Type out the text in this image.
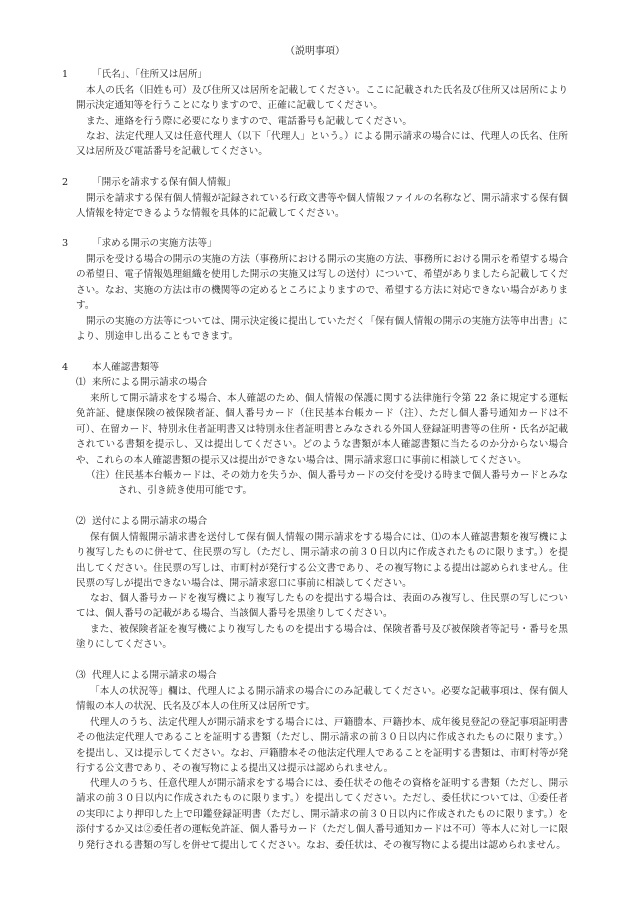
（説明事項）
1 「氏名」、「住所又は居所」

本人の氏名（旧姓も可）及び住所又は居所を記載してください。ここに記載された氏名及び住所又は居所により開示決定通知等を行うことになりますので、正確に記載してください。

また、連絡を行う際に必要になりますので、電話番号も記載してください。

なお、法定代理人又は任意代理人（以下「代理人」という。）による開示請求の場合には、代理人の氏名、住所又は居所及び電話番号を記載してください。

2 「開示を請求する保有個人情報」

開示を請求する保有個人情報が記録されている行政文書等や個人情報ファイルの名称など、開示請求する保有個人情報を特定できるような情報を具体的に記載してください。

3 「求める開示の実施方法等」

開示を受ける場合の開示の実施の方法（事務所における開示の実施の方法、事務所における開示を希望する場合の希望日、電子情報処理組織を使用した開示の実施又は写しの送付）について、希望がありましたら記載してください。なお、実施の方法は市の機関等の定めるところによりますので、希望する方法に対応できない場合があります。

開示の実施の方法等については、開示決定後に提出していただく「保有個人情報の開示の実施方法等申出書」により、別途申し出ることもできます。

4 本人確認書類等
⑴ 来所による開示請求の場合

来所して開示請求をする場合、本人確認のため、個人情報の保護に関する法律施行令第 22 条に規定する運転免許証、健康保険の被保険者証、個人番号カード（住民基本台帳カード（注）、ただし個人番号通知カードは不可）、在留カード、特別永住者証明書又は特別永住者証明書とみなされる外国人登録証明書等の住所・氏名が記載されている書類を提示し、又は提出してください。どのような書類が本人確認書類に当たるのか分からない場合や、これらの本人確認書類の提示又は提出ができない場合は、開示請求窓口に事前に相談してください。

（注）住民基本台帳カードは、その効力を失うか、個人番号カードの交付を受ける時まで個人番号カードとみなされ、引き続き使用可能です。

⑵ 送付による開示請求の場合

保有個人情報開示請求書を送付して保有個人情報の開示請求をする場合には、⑴の本人確認書類を複写機により複写したものに併せて、住民票の写し（ただし、開示請求の前３０日以内に作成されたものに限ります。）を提出してください。住民票の写しは、市町村が発行する公文書であり、その複写物による提出は認められません。住民票の写しが提出できない場合は、開示請求窓口に事前に相談してください。

なお、個人番号カードを複写機により複写したものを提出する場合は、表面のみ複写し、住民票の写しについては、個人番号の記載がある場合、当該個人番号を黒塗りしてください。

また、被保険者証を複写機により複写したものを提出する場合は、保険者番号及び被保険者等記号・番号を黒塗りにしてください。

⑶ 代理人による開示請求の場合

「本人の状況等」欄は、代理人による開示請求の場合にのみ記載してください。必要な記載事項は、保有個人情報の本人の状況、氏名及び本人の住所又は居所です。

代理人のうち、法定代理人が開示請求をする場合には、戸籍謄本、戸籍抄本、成年後見登記の登記事項証明書その他法定代理人であることを証明する書類（ただし、開示請求の前３０日以内に作成されたものに限ります。）を提出し、又は提示してください。なお、戸籍謄本その他法定代理人であることを証明する書類は、市町村等が発行する公文書であり、その複写物による提出又は提示は認められません。

代理人のうち、任意代理人が開示請求をする場合には、委任状その他その資格を証明する書類（ただし、開示請求の前３０日以内に作成されたものに限ります。）を提出してください。ただし、委任状については、①委任者の実印により押印した上で印鑑登録証明書（ただし、開示請求の前３０日以内に作成されたものに限ります。）を添付するか又は②委任者の運転免許証、個人番号カード（ただし個人番号通知カードは不可）等本人に対し一に限り発行される書類の写しを併せて提出してください。なお、委任状は、その複写物による提出は認められません。
